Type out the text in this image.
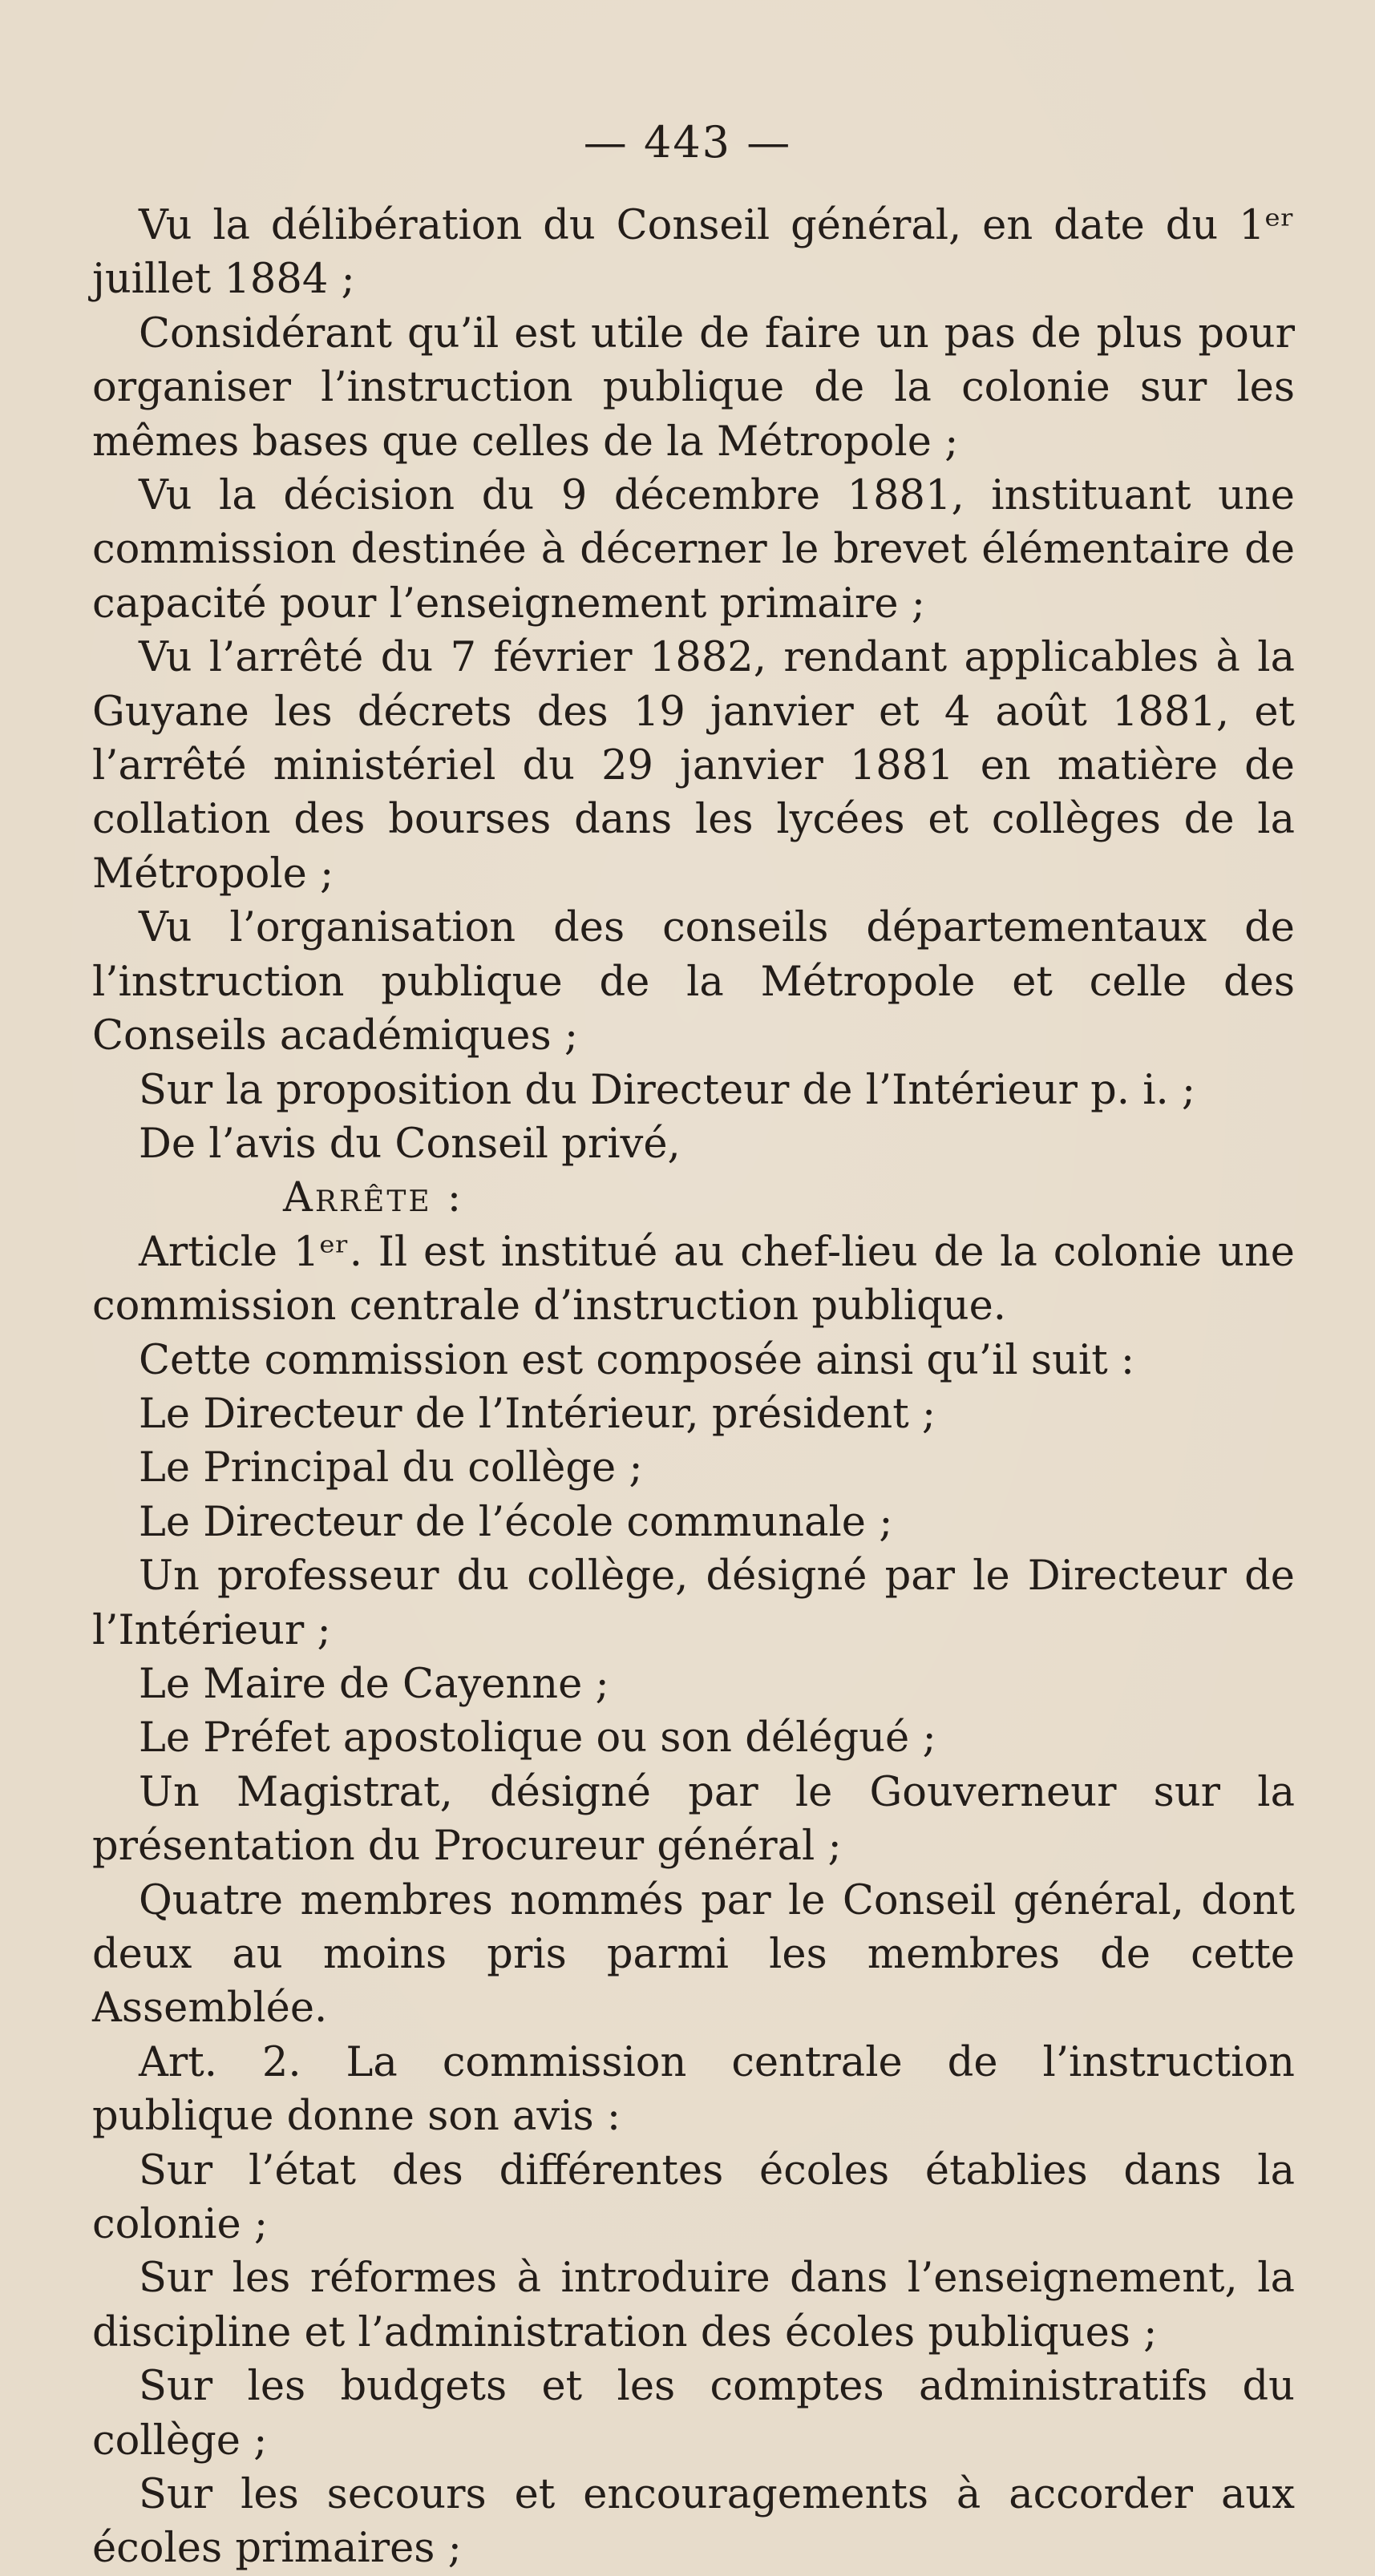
— 443 —

Vu la délibération du Conseil général, en date du 1ᵉʳ juillet 1884 ;

Considérant qu’il est utile de faire un pas de plus pour organiser l’instruction publique de la colonie sur les mêmes bases que celles de la Métropole ;

Vu la décision du 9 décembre 1881, instituant une commission destinée à décerner le brevet élémentaire de capacité pour l’enseignement primaire ;

Vu l’arrêté du 7 février 1882, rendant applicables à la Guyane les décrets des 19 janvier et 4 août 1881, et l’arrêté ministériel du 29 janvier 1881 en matière de collation des bourses dans les lycées et collèges de la Métropole ;

Vu l’organisation des conseils départementaux de l’instruction publique de la Métropole et celle des Conseils académiques ;

Sur la proposition du Directeur de l’Intérieur p. i. ;

De l’avis du Conseil privé,

Arrête :

Article 1ᵉʳ. Il est institué au chef-lieu de la colonie une commission centrale d’instruction publique.

Cette commission est composée ainsi qu’il suit :

Le Directeur de l’Intérieur, président ;

Le Principal du collège ;

Le Directeur de l’école communale ;

Un professeur du collège, désigné par le Directeur de l’Intérieur ;

Le Maire de Cayenne ;

Le Préfet apostolique ou son délégué ;

Un Magistrat, désigné par le Gouverneur sur la présentation du Procureur général ;

Quatre membres nommés par le Conseil général, dont deux au moins pris parmi les membres de cette Assemblée.

Art. 2. La commission centrale de l’instruction publique donne son avis :

Sur l’état des différentes écoles établies dans la colonie ;

Sur les réformes à introduire dans l’enseignement, la discipline et l’administration des écoles publiques ;

Sur les budgets et les comptes administratifs du collège ;

Sur les secours et encouragements à accorder aux écoles primaires ;
